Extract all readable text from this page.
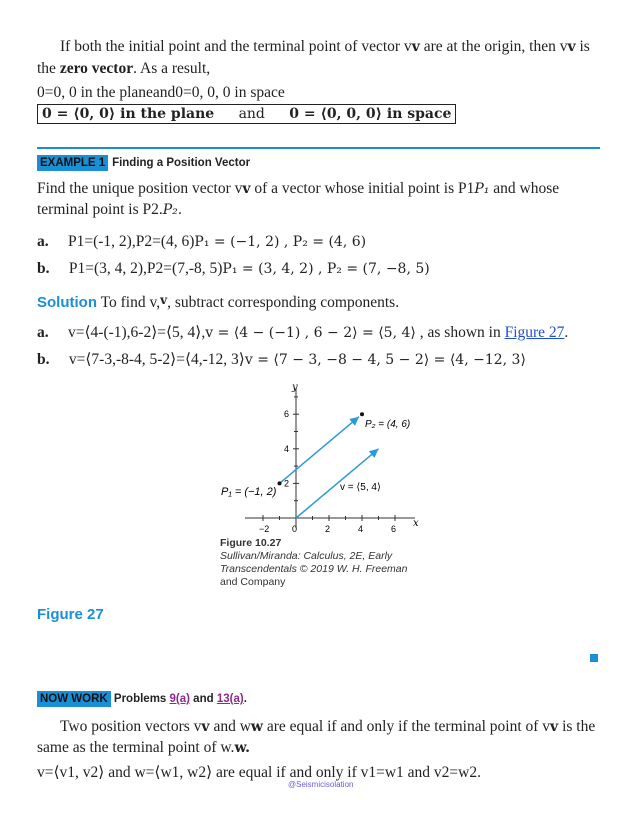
If both the initial point and the terminal point of vector vv are at the origin, then vv is
the zero vector. As a result,
0=0, 0 in the planeand0=0, 0, 0 in space
0 = ⟨0, 0⟩ in the plane and 0 = ⟨0, 0, 0⟩ in space
EXAMPLE 1 Finding a Position Vector
Find the unique position vector vv of a vector whose initial point is P1P₁ and whose
terminal point is P2.P₂.
a. P1=(-1, 2),P2=(4, 6)P₁ = (−1, 2) , P₂ = (4, 6)
b. P1=(3, 4, 2),P2=(7,-8, 5)P₁ = (3, 4, 2) , P₂ = (7, −8, 5)
Solution To find v,v, subtract corresponding components.
a. v=⟨4-(-1),6-2⟩=⟨5, 4⟩,v = ⟨4 − (−1) , 6 − 2⟩ = ⟨5, 4⟩ , as shown in Figure 27.
b. v=⟨7-3,-8-4, 5-2⟩=⟨4,-12, 3⟩v = ⟨7 − 3, −8 − 4, 5 − 2⟩ = ⟨4, −12, 3⟩
−2	0	2	4	6
2
4
6
y
x
P₁ = (−1, 2)
P₂ = (4, 6)
v = ⟨5, 4⟩
Figure 10.27
Sullivan/Miranda: Calculus, 2E, Early
Transcendentals © 2019 W. H. Freeman
and Company
Figure 27
NOW WORK Problems 9(a) and 13(a).
Two position vectors vv and ww are equal if and only if the terminal point of vv is the
same as the terminal point of w.w.
v=⟨v1, v2⟩ and w=⟨w1, w2⟩ are equal if and only if v1=w1 and v2=w2.
@Seismicisolation
